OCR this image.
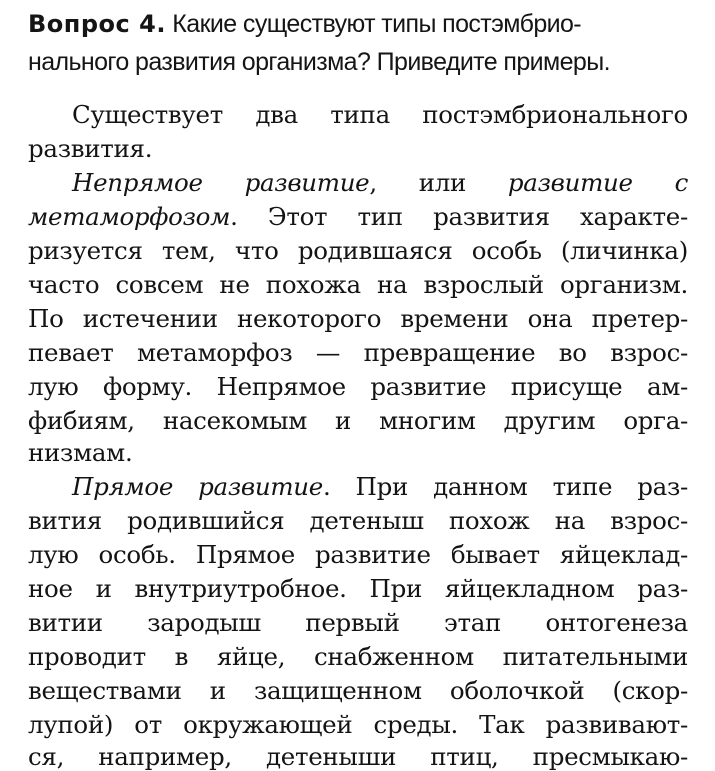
Вопрос 4. Какие существуют типы постэмбрио-
нального развития организма? Приведите примеры.
Существует два типа постэмбрионального
развития.
Непрямое развитие, или развитие с
метаморфозом. Этот тип развития характе-
ризуется тем, что родившаяся особь (личинка)
часто совсем не похожа на взрослый организм.
По истечении некоторого времени она претер-
певает метаморфоз — превращение во взрос-
лую форму. Непрямое развитие присуще ам-
фибиям, насекомым и многим другим орга-
низмам.
Прямое развитие. При данном типе раз-
вития родившийся детеныш похож на взрос-
лую особь. Прямое развитие бывает яйцеклад-
ное и внутриутробное. При яйцекладном раз-
витии зародыш первый этап онтогенеза
проводит в яйце, снабженном питательными
веществами и защищенном оболочкой (скор-
лупой) от окружающей среды. Так развивают-
ся, например, детеныши птиц, пресмыкаю-
